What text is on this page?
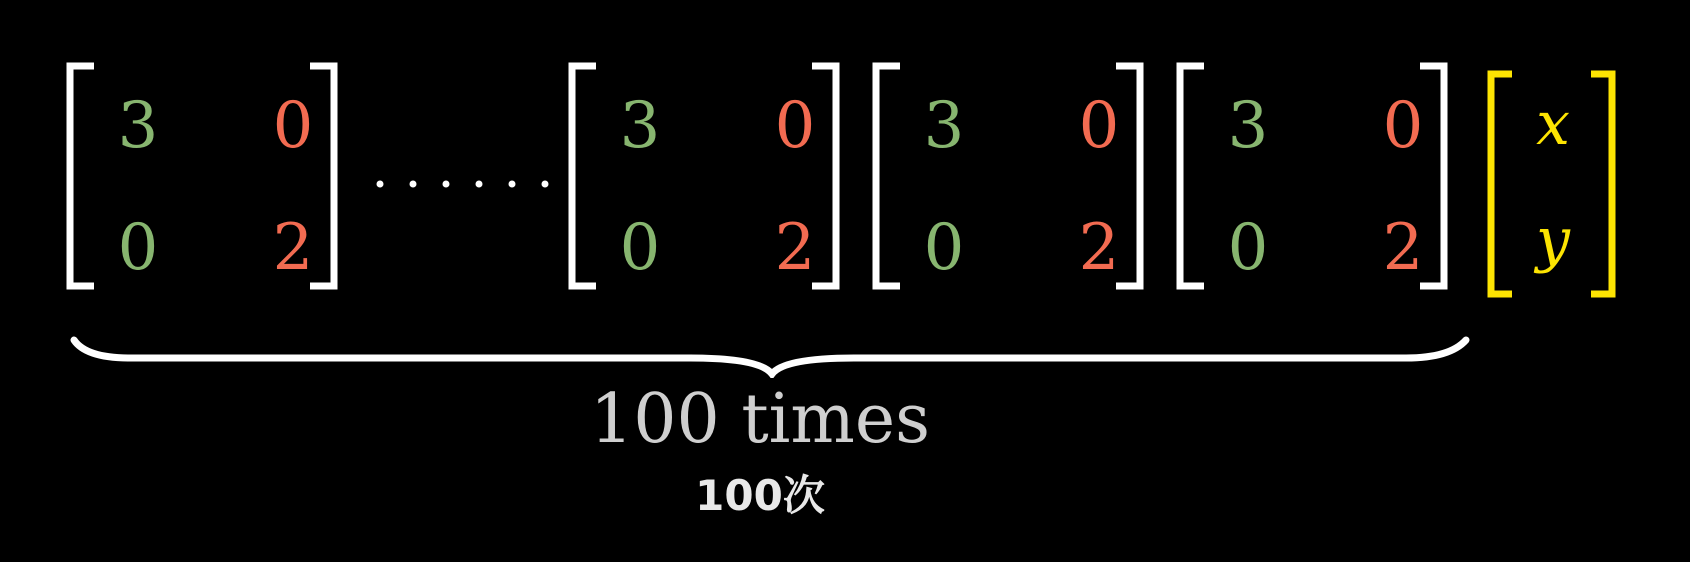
3 0
0 2
3 0
0 2
3 0
0 2
3 0
0 2
x
y
100 times
100次
